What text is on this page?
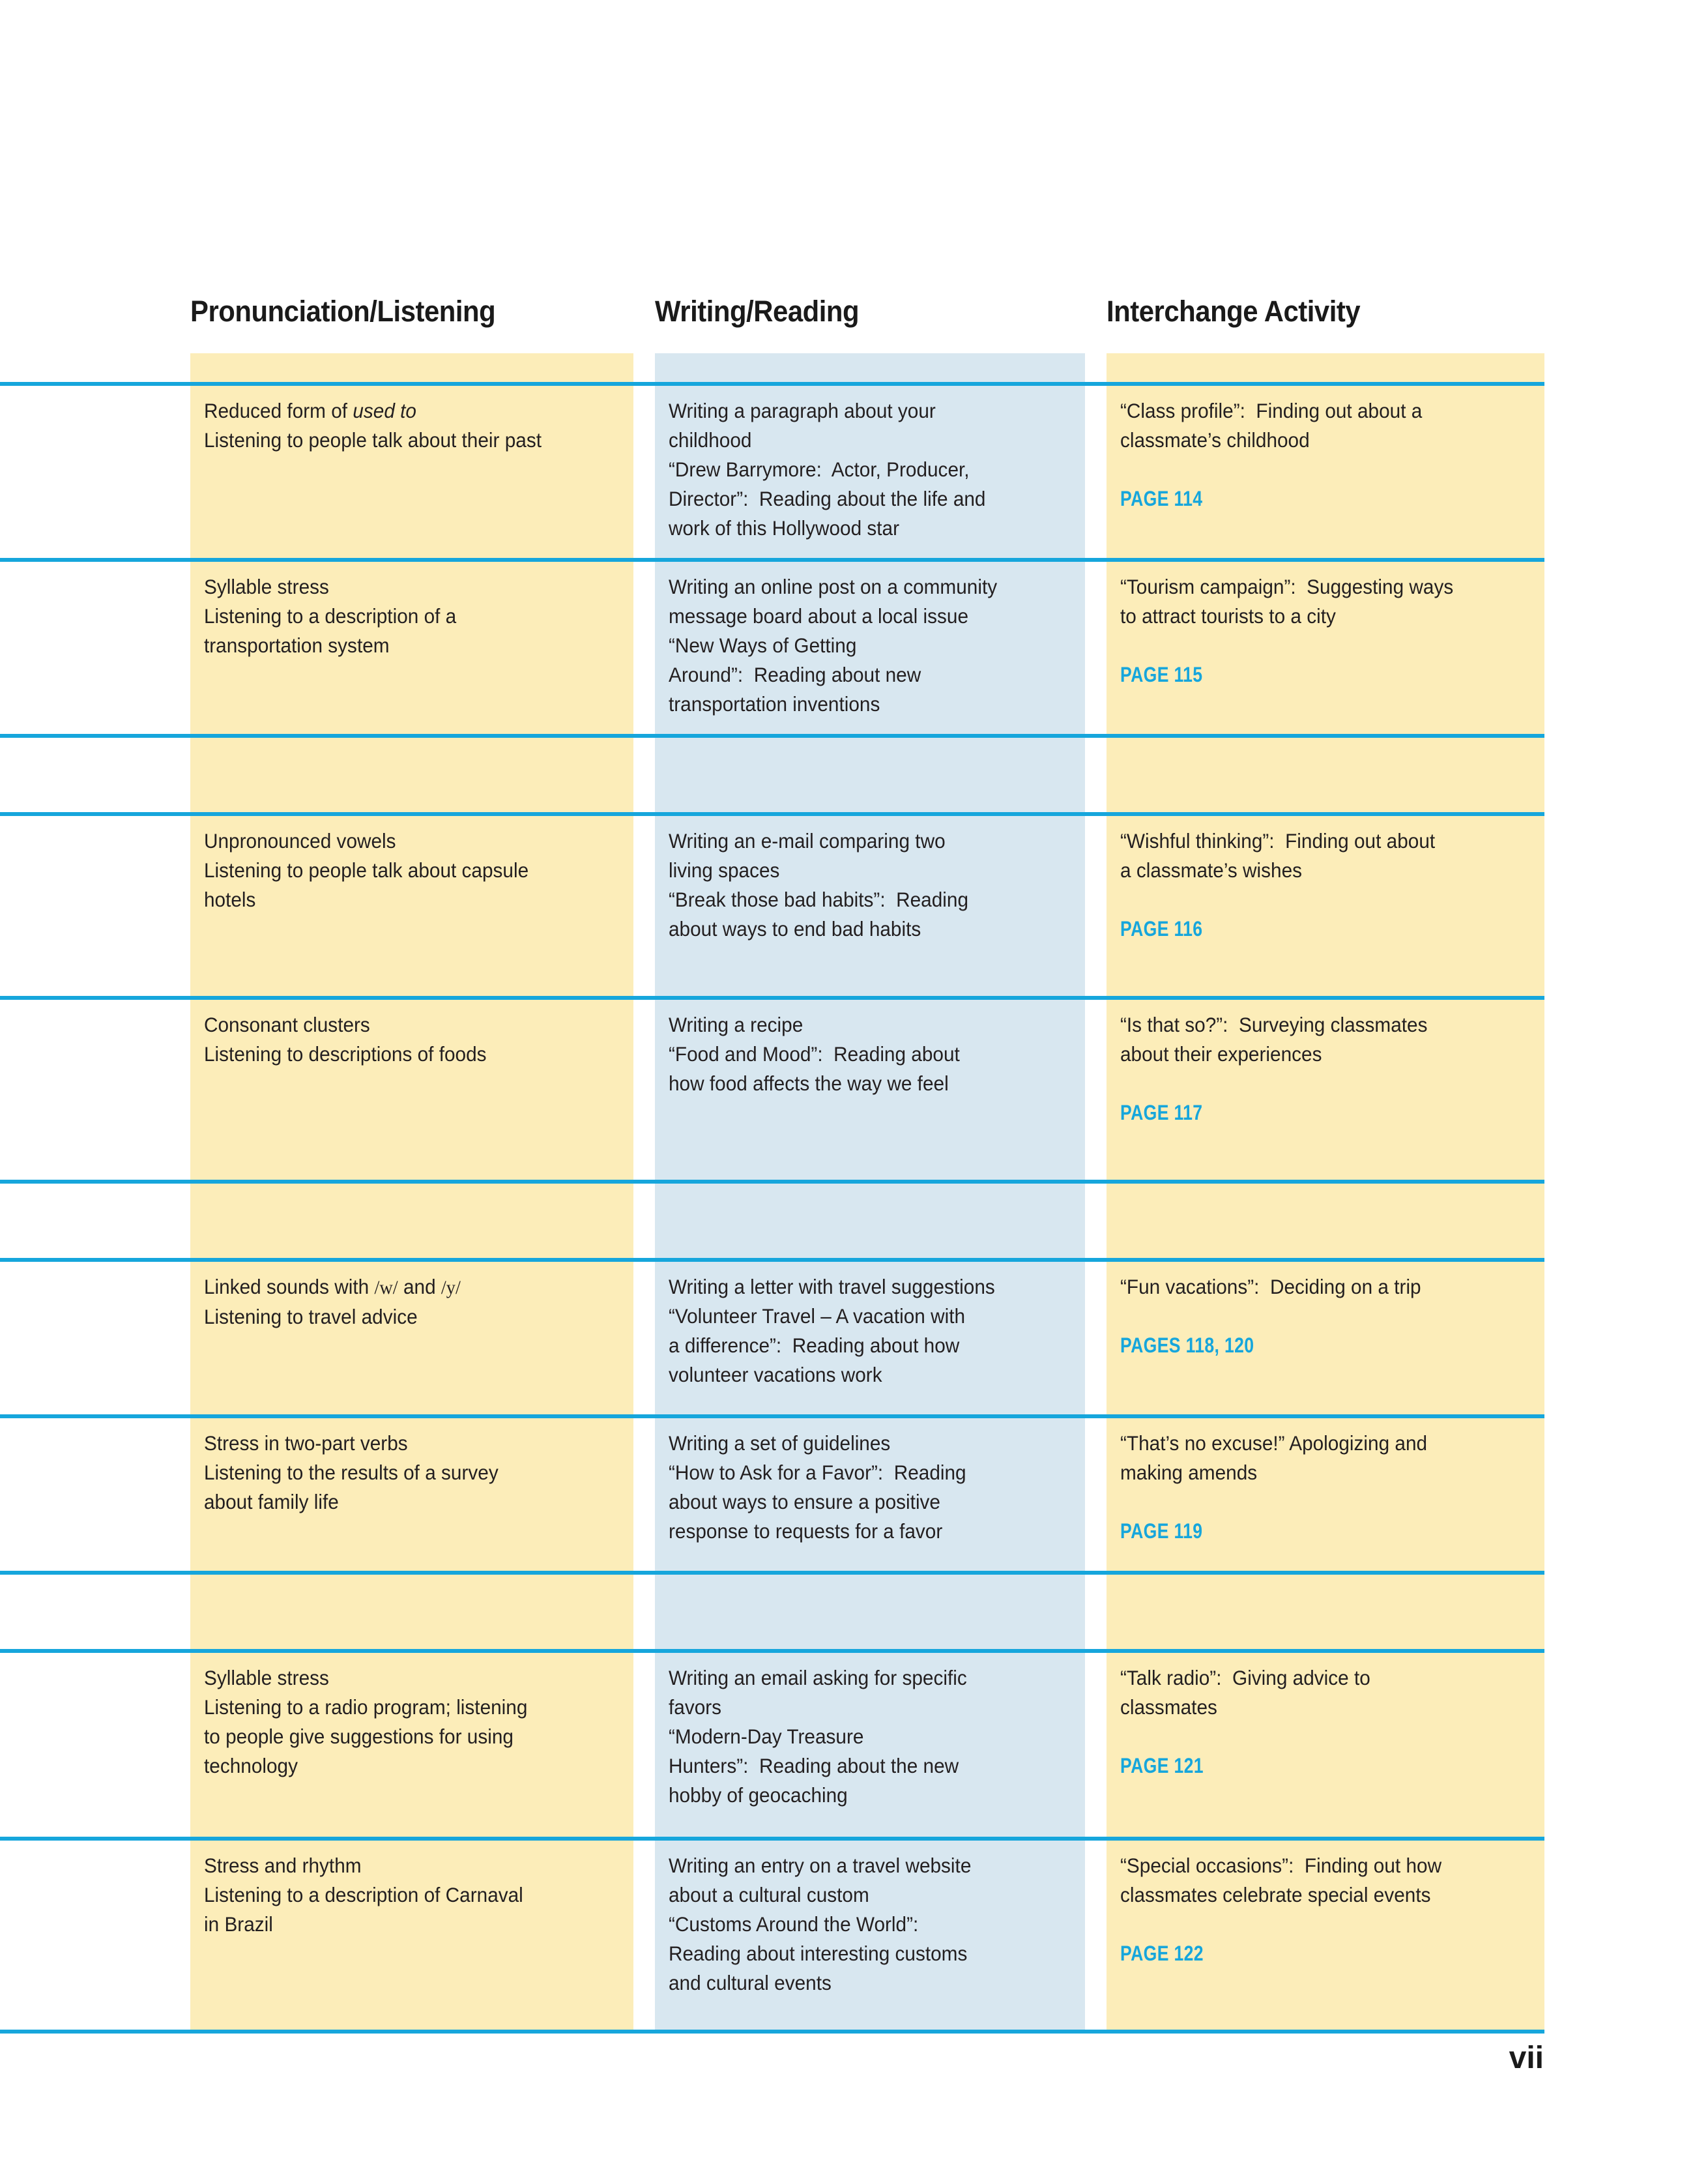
Pronunciation/Listening	Writing/Reading	Interchange Activity
Reduced form of used to
Listening to people talk about their past
Writing a paragraph about your
childhood
“Drew Barrymore:  Actor, Producer,
Director”:  Reading about the life and
work of this Hollywood star
“Class profile”:  Finding out about a
classmate’s childhood
PAGE 114
Syllable stress
Listening to a description of a
transportation system
Writing an online post on a community
message board about a local issue
“New Ways of Getting
Around”:  Reading about new
transportation inventions
“Tourism campaign”:  Suggesting ways
to attract tourists to a city
PAGE 115
Unpronounced vowels
Listening to people talk about capsule
hotels
Writing an e-mail comparing two
living spaces
“Break those bad habits”:  Reading
about ways to end bad habits
“Wishful thinking”:  Finding out about
a classmate’s wishes
PAGE 116
Consonant clusters
Listening to descriptions of foods
Writing a recipe
“Food and Mood”:  Reading about
how food affects the way we feel
“Is that so?”:  Surveying classmates
about their experiences
PAGE 117
Linked sounds with /w/ and /y/
Listening to travel advice
Writing a letter with travel suggestions
“Volunteer Travel – A vacation with
a difference”:  Reading about how
volunteer vacations work
“Fun vacations”:  Deciding on a trip
PAGES 118, 120
Stress in two-part verbs
Listening to the results of a survey
about family life
Writing a set of guidelines
“How to Ask for a Favor”:  Reading
about ways to ensure a positive
response to requests for a favor
“That’s no excuse!” Apologizing and
making amends
PAGE 119
Syllable stress
Listening to a radio program; listening
to people give suggestions for using
technology
Writing an email asking for specific
favors
“Modern-Day Treasure
Hunters”:  Reading about the new
hobby of geocaching
“Talk radio”:  Giving advice to
classmates
PAGE 121
Stress and rhythm
Listening to a description of Carnaval
in Brazil
Writing an entry on a travel website
about a cultural custom
“Customs Around the World”:
Reading about interesting customs
and cultural events
“Special occasions”:  Finding out how
classmates celebrate special events
PAGE 122
vii
